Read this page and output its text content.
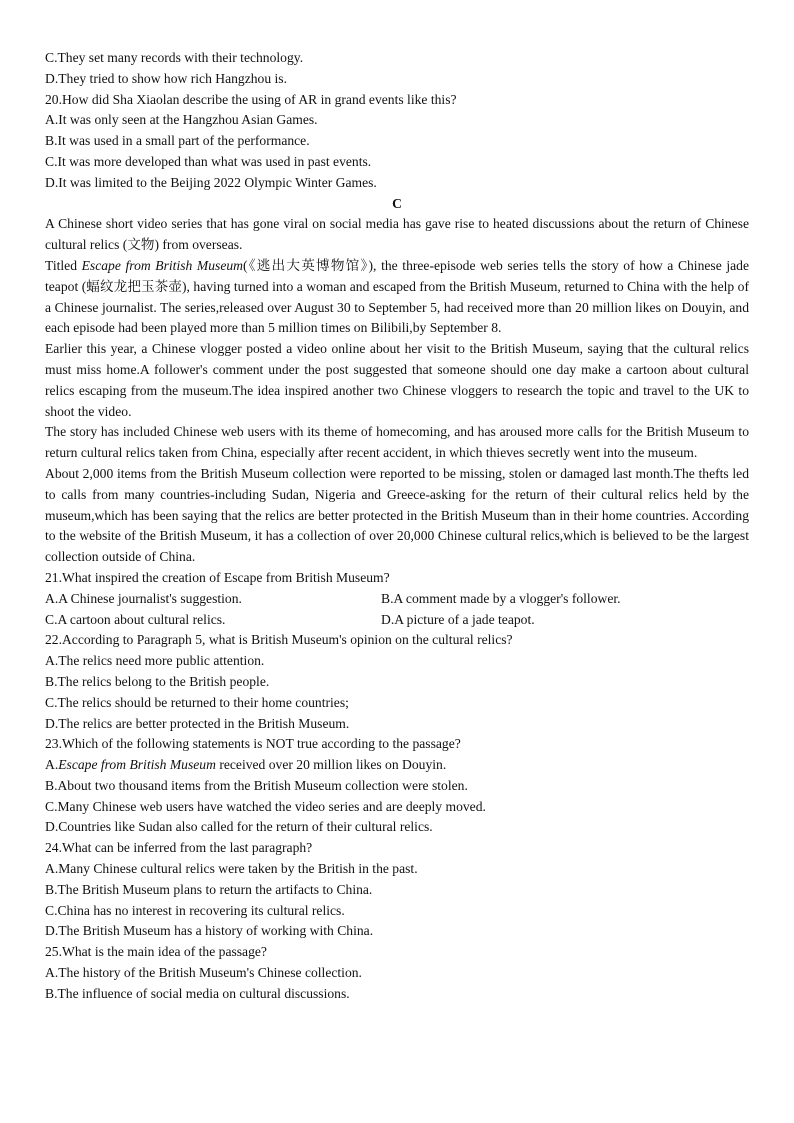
C.They set many records with their technology.
D.They tried to show how rich Hangzhou is.
20.How did Sha Xiaolan describe the using of AR in grand events like this?
A.It was only seen at the Hangzhou Asian Games.
B.It was used in a small part of the performance.
C.It was more developed than what was used in past events.
D.It was limited to the Beijing 2022 Olympic Winter Games.
C

A Chinese short video series that has gone viral on social media has gave rise to heated discussions about the return of Chinese cultural relics (文物) from overseas.

Titled Escape from British Museum(《逃出大英博物馆》), the three-episode web series tells the story of how a Chinese jade teapot (蝠纹龙把玉茶壶), having turned into a woman and escaped from the British Museum, returned to China with the help of a Chinese journalist. The series,released over August 30 to September 5, had received more than 20 million likes on Douyin, and each episode had been played more than 5 million times on Bilibili,by September 8.

Earlier this year, a Chinese vlogger posted a video online about her visit to the British Museum, saying that the cultural relics must miss home.A follower's comment under the post suggested that someone should one day make a cartoon about cultural relics escaping from the museum.The idea inspired another two Chinese vloggers to research the topic and travel to the UK to shoot the video.

The story has included Chinese web users with its theme of homecoming, and has aroused more calls for the British Museum to return cultural relics taken from China, especially after recent accident, in which thieves secretly went into the museum.

About 2,000 items from the British Museum collection were reported to be missing, stolen or damaged last month.The thefts led to calls from many countries-including Sudan, Nigeria and Greece-asking for the return of their cultural relics held by the museum,which has been saying that the relics are better protected in the British Museum than in their home countries. According to the website of the British Museum, it has a collection of over 20,000 Chinese cultural relics,which is believed to be the largest collection outside of China.

21.What inspired the creation of Escape from British Museum?
A.A Chinese journalist's suggestion.	B.A comment made by a vlogger's follower.
C.A cartoon about cultural relics.	D.A picture of a jade teapot.
22.According to Paragraph 5, what is British Museum's opinion on the cultural relics?
A.The relics need more public attention.
B.The relics belong to the British people.
C.The relics should be returned to their home countries;
D.The relics are better protected in the British Museum.
23.Which of the following statements is NOT true according to the passage?
A.Escape from British Museum received over 20 million likes on Douyin.
B.About two thousand items from the British Museum collection were stolen.
C.Many Chinese web users have watched the video series and are deeply moved.
D.Countries like Sudan also called for the return of their cultural relics.
24.What can be inferred from the last paragraph?
A.Many Chinese cultural relics were taken by the British in the past.
B.The British Museum plans to return the artifacts to China.
C.China has no interest in recovering its cultural relics.
D.The British Museum has a history of working with China.
25.What is the main idea of the passage?
A.The history of the British Museum's Chinese collection.
B.The influence of social media on cultural discussions.
